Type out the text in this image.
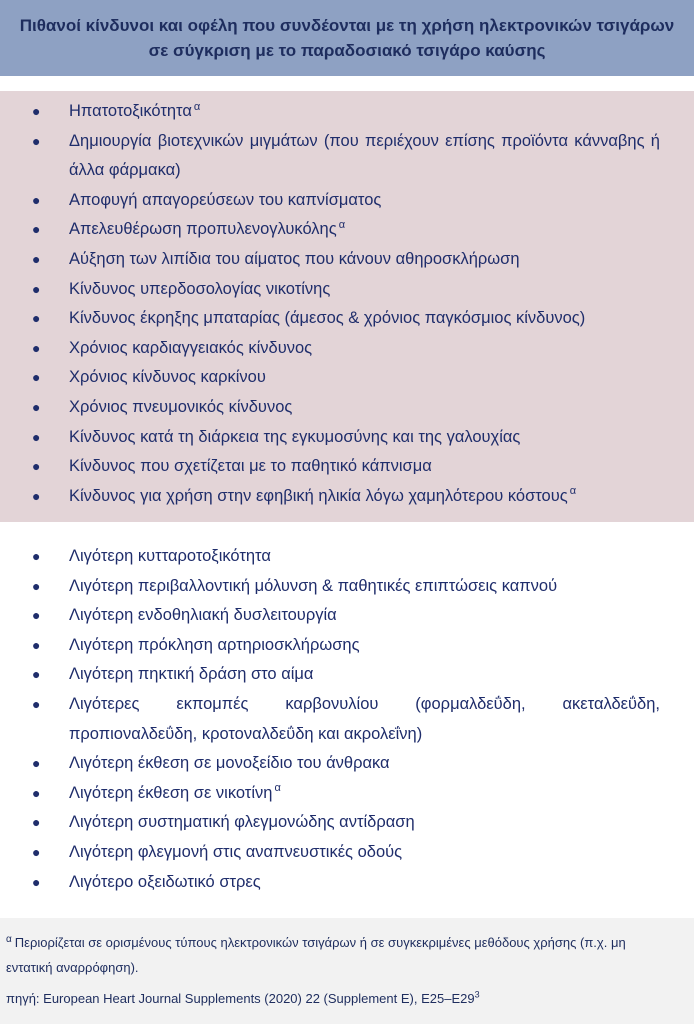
Πιθανοί κίνδυνοι και οφέλη που συνδέονται με τη χρήση ηλεκτρονικών τσιγάρων σε σύγκριση με το παραδοσιακό τσιγάρο καύσης
● Ηπατοτοξικότητα $^\alpha$
● Δημιουργία βιοτεχνικών μιγμάτων (που περιέχουν επίσης προϊόντα κάνναβης ή άλλα φάρμακα)
● Αποφυγή απαγορεύσεων του καπνίσματος
● Απελευθέρωση προπυλενογλυκόλης $^\alpha$
● Αύξηση των λιπίδια του αίματος που κάνουν αθηροσκλήρωση
● Κίνδυνος υπερδοσολογίας νικοτίνης
● Κίνδυνος έκρηξης μπαταρίας (άμεσος & χρόνιος παγκόσμιος κίνδυνος)
● Χρόνιος καρδιαγγειακός κίνδυνος
● Χρόνιος κίνδυνος καρκίνου
● Χρόνιος πνευμονικός κίνδυνος
● Κίνδυνος κατά τη διάρκεια της εγκυμοσύνης και της γαλουχίας
● Κίνδυνος που σχετίζεται με το παθητικό κάπνισμα
● Κίνδυνος για χρήση στην εφηβική ηλικία λόγω χαμηλότερου κόστους $^\alpha$
● Λιγότερη κυτταροτοξικότητα
● Λιγότερη περιβαλλοντική μόλυνση & παθητικές επιπτώσεις καπνού
● Λιγότερη ενδοθηλιακή δυσλειτουργία
● Λιγότερη πρόκληση αρτηριοσκλήρωσης
● Λιγότερη πηκτική δράση στο αίμα
● Λιγότερες εκπομπές καρβονυλίου (φορμαλδεΰδη, ακεταλδεΰδη, προπιοναλδεΰδη, κροτοναλδεΰδη και ακρολεΐνη)
● Λιγότερη έκθεση σε μονοξείδιο του άνθρακα
● Λιγότερη έκθεση σε νικοτίνη $^\alpha$
● Λιγότερη συστηματική φλεγμονώδης αντίδραση
● Λιγότερη φλεγμονή στις αναπνευστικές οδούς
● Λιγότερο οξειδωτικό στρες
$^\alpha$ Περιορίζεται σε ορισμένους τύπους ηλεκτρονικών τσιγάρων ή σε συγκεκριμένες μεθόδους χρήσης (π.χ. μη εντατική αναρρόφηση).
πηγή: European Heart Journal Supplements (2020) 22 (Supplement E), $E25-E29^3$
